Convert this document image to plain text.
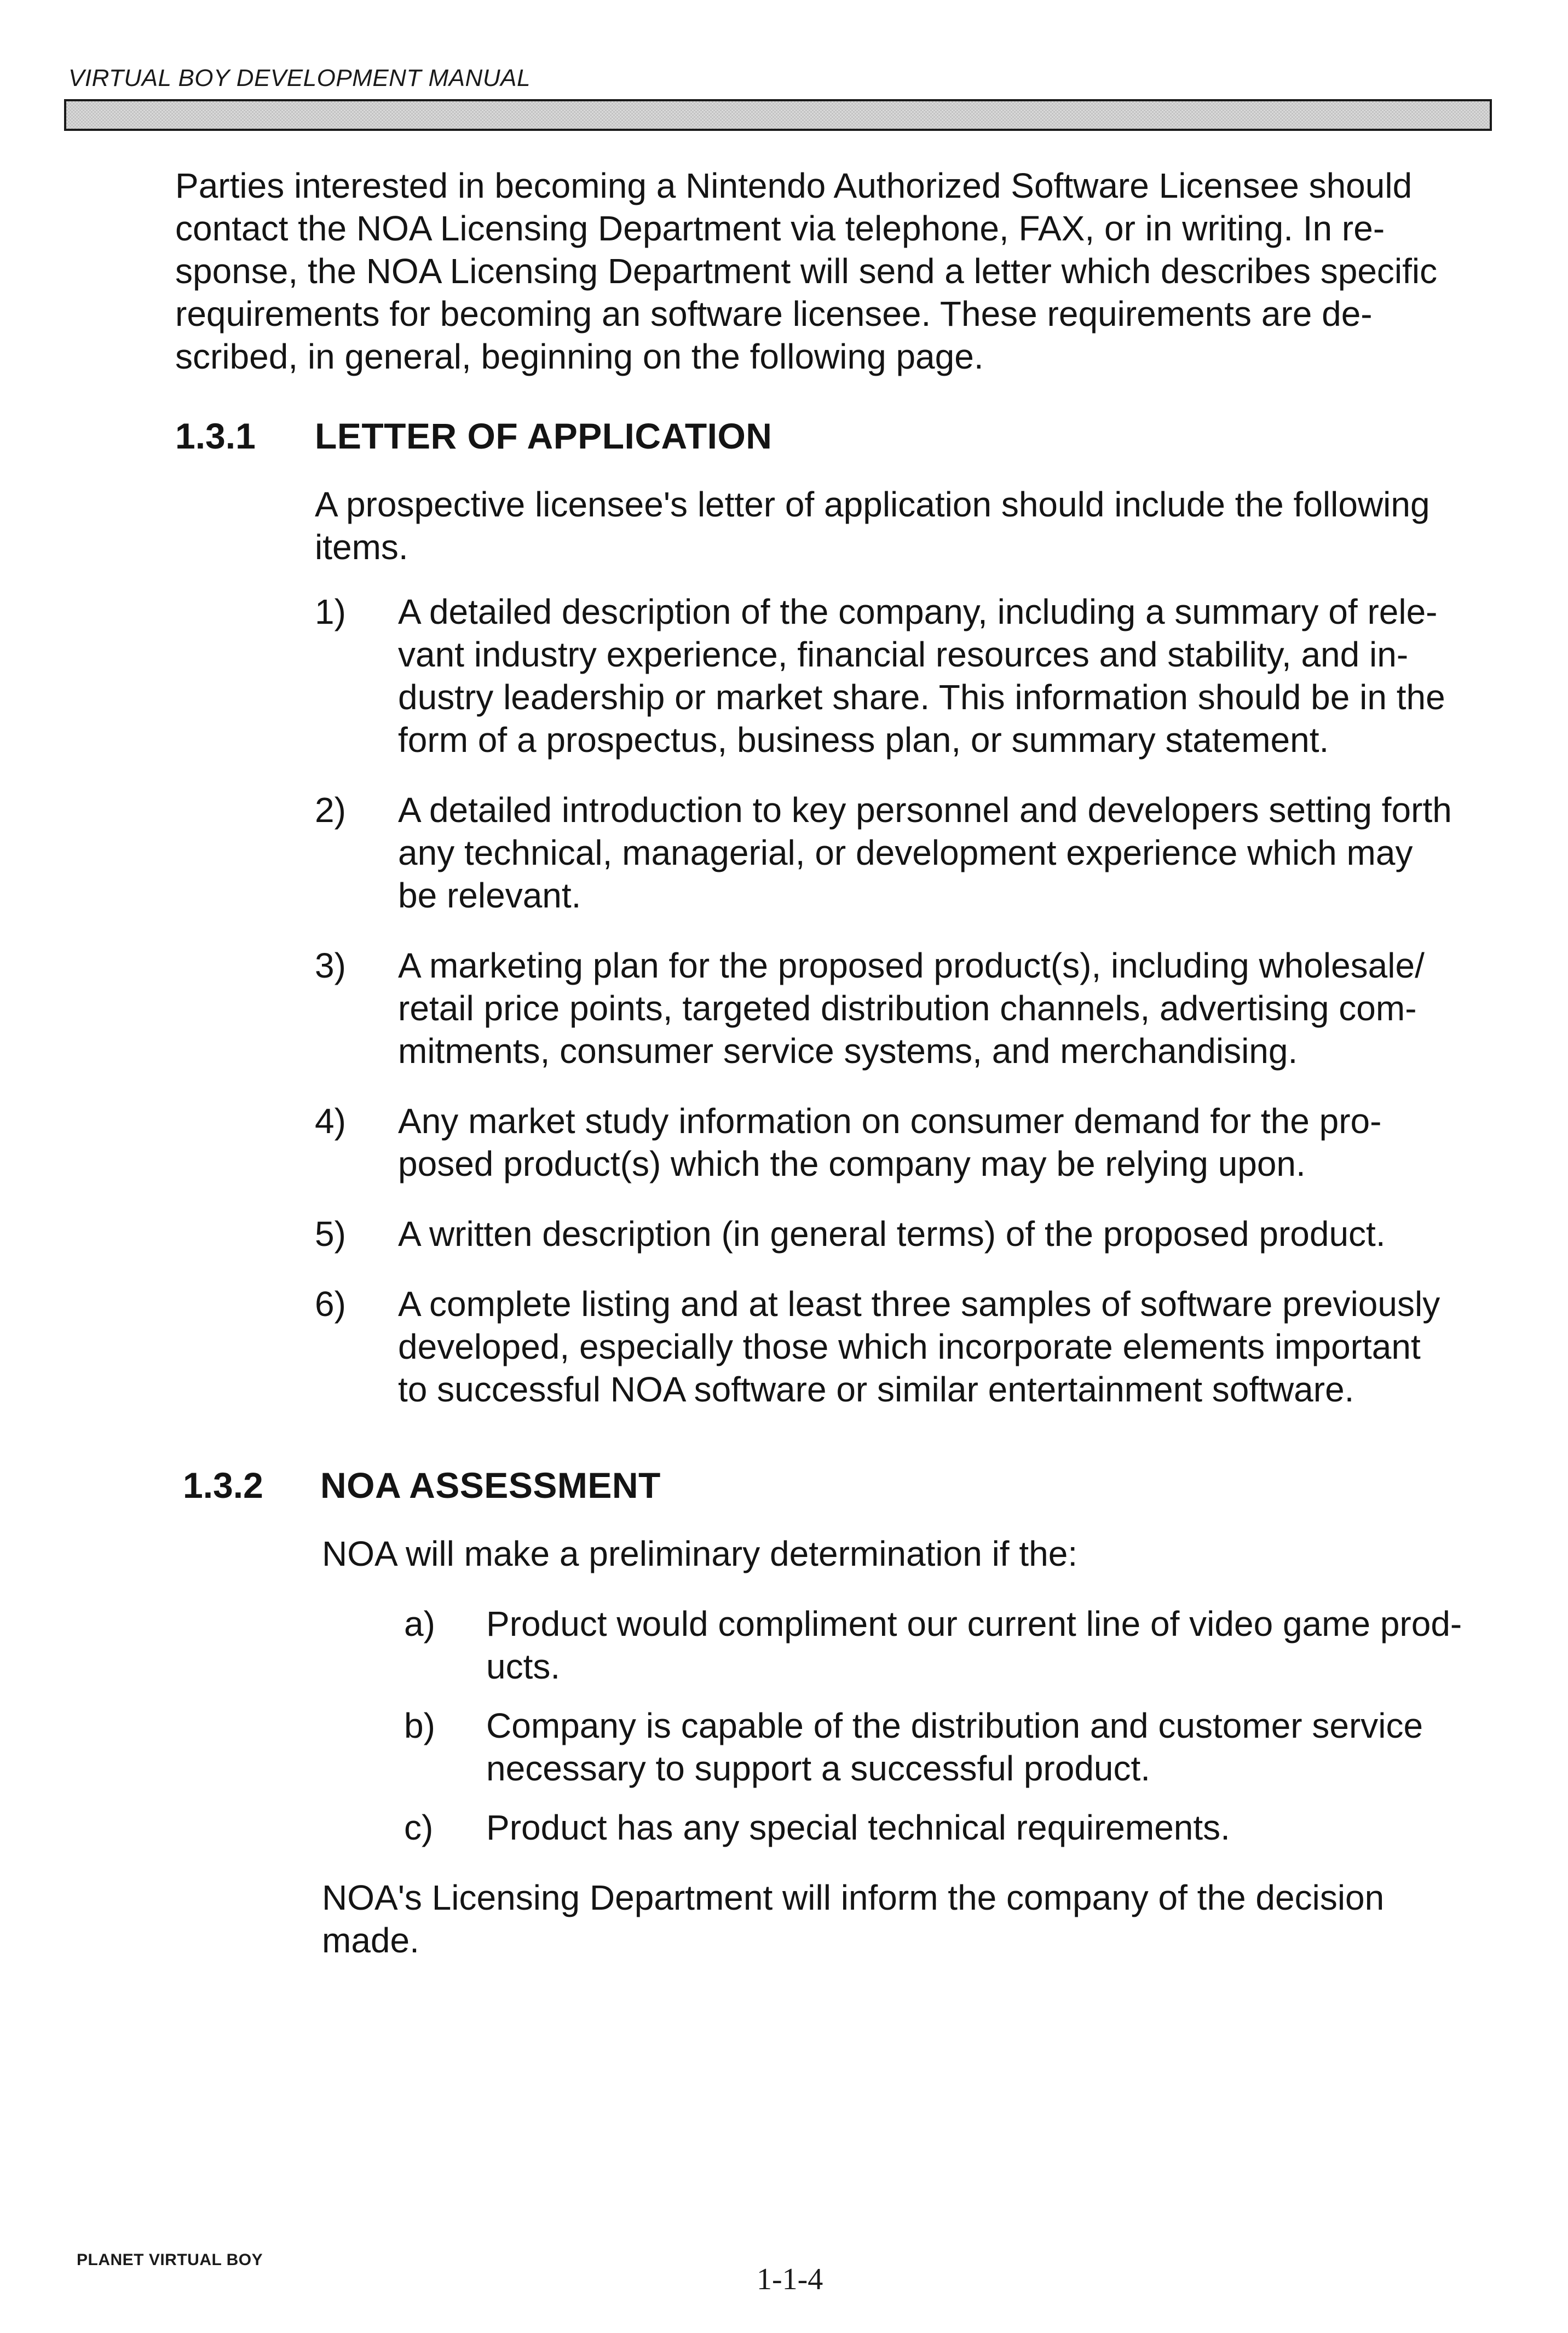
VIRTUAL BOY DEVELOPMENT MANUAL

Parties interested in becoming a Nintendo Authorized Software Licensee should

contact the NOA Licensing Department via telephone, FAX, or in writing. In re-

sponse, the NOA Licensing Department will send a letter which describes specific

requirements for becoming an software licensee. These requirements are de-

scribed, in general, beginning on the following page.

1.3.1	LETTER OF APPLICATION

A prospective licensee's letter of application should include the following

items.

1)	A detailed description of the company, including a summary of rele-
vant industry experience, financial resources and stability, and in-
dustry leadership or market share. This information should be in the
form of a prospectus, business plan, or summary statement.
2)	A detailed introduction to key personnel and developers setting forth
any technical, managerial, or development experience which may
be relevant.
3)	A marketing plan for the proposed product(s), including wholesale/
retail price points, targeted distribution channels, advertising com-
mitments, consumer service systems, and merchandising.
4)	Any market study information on consumer demand for the pro-
posed product(s) which the company may be relying upon.
5)	A written description (in general terms) of the proposed product.
6)	A complete listing and at least three samples of software previously
developed, especially those which incorporate elements important
to successful NOA software or similar entertainment software.
1.3.2	NOA ASSESSMENT

NOA will make a preliminary determination if the:

a)	Product would compliment our current line of video game prod-
ucts.
b)	Company is capable of the distribution and customer service
necessary to support a successful product.
c)	Product has any special technical requirements.

NOA's Licensing Department will inform the company of the decision

made.

PLANET VIRTUAL BOY
1-1-4
